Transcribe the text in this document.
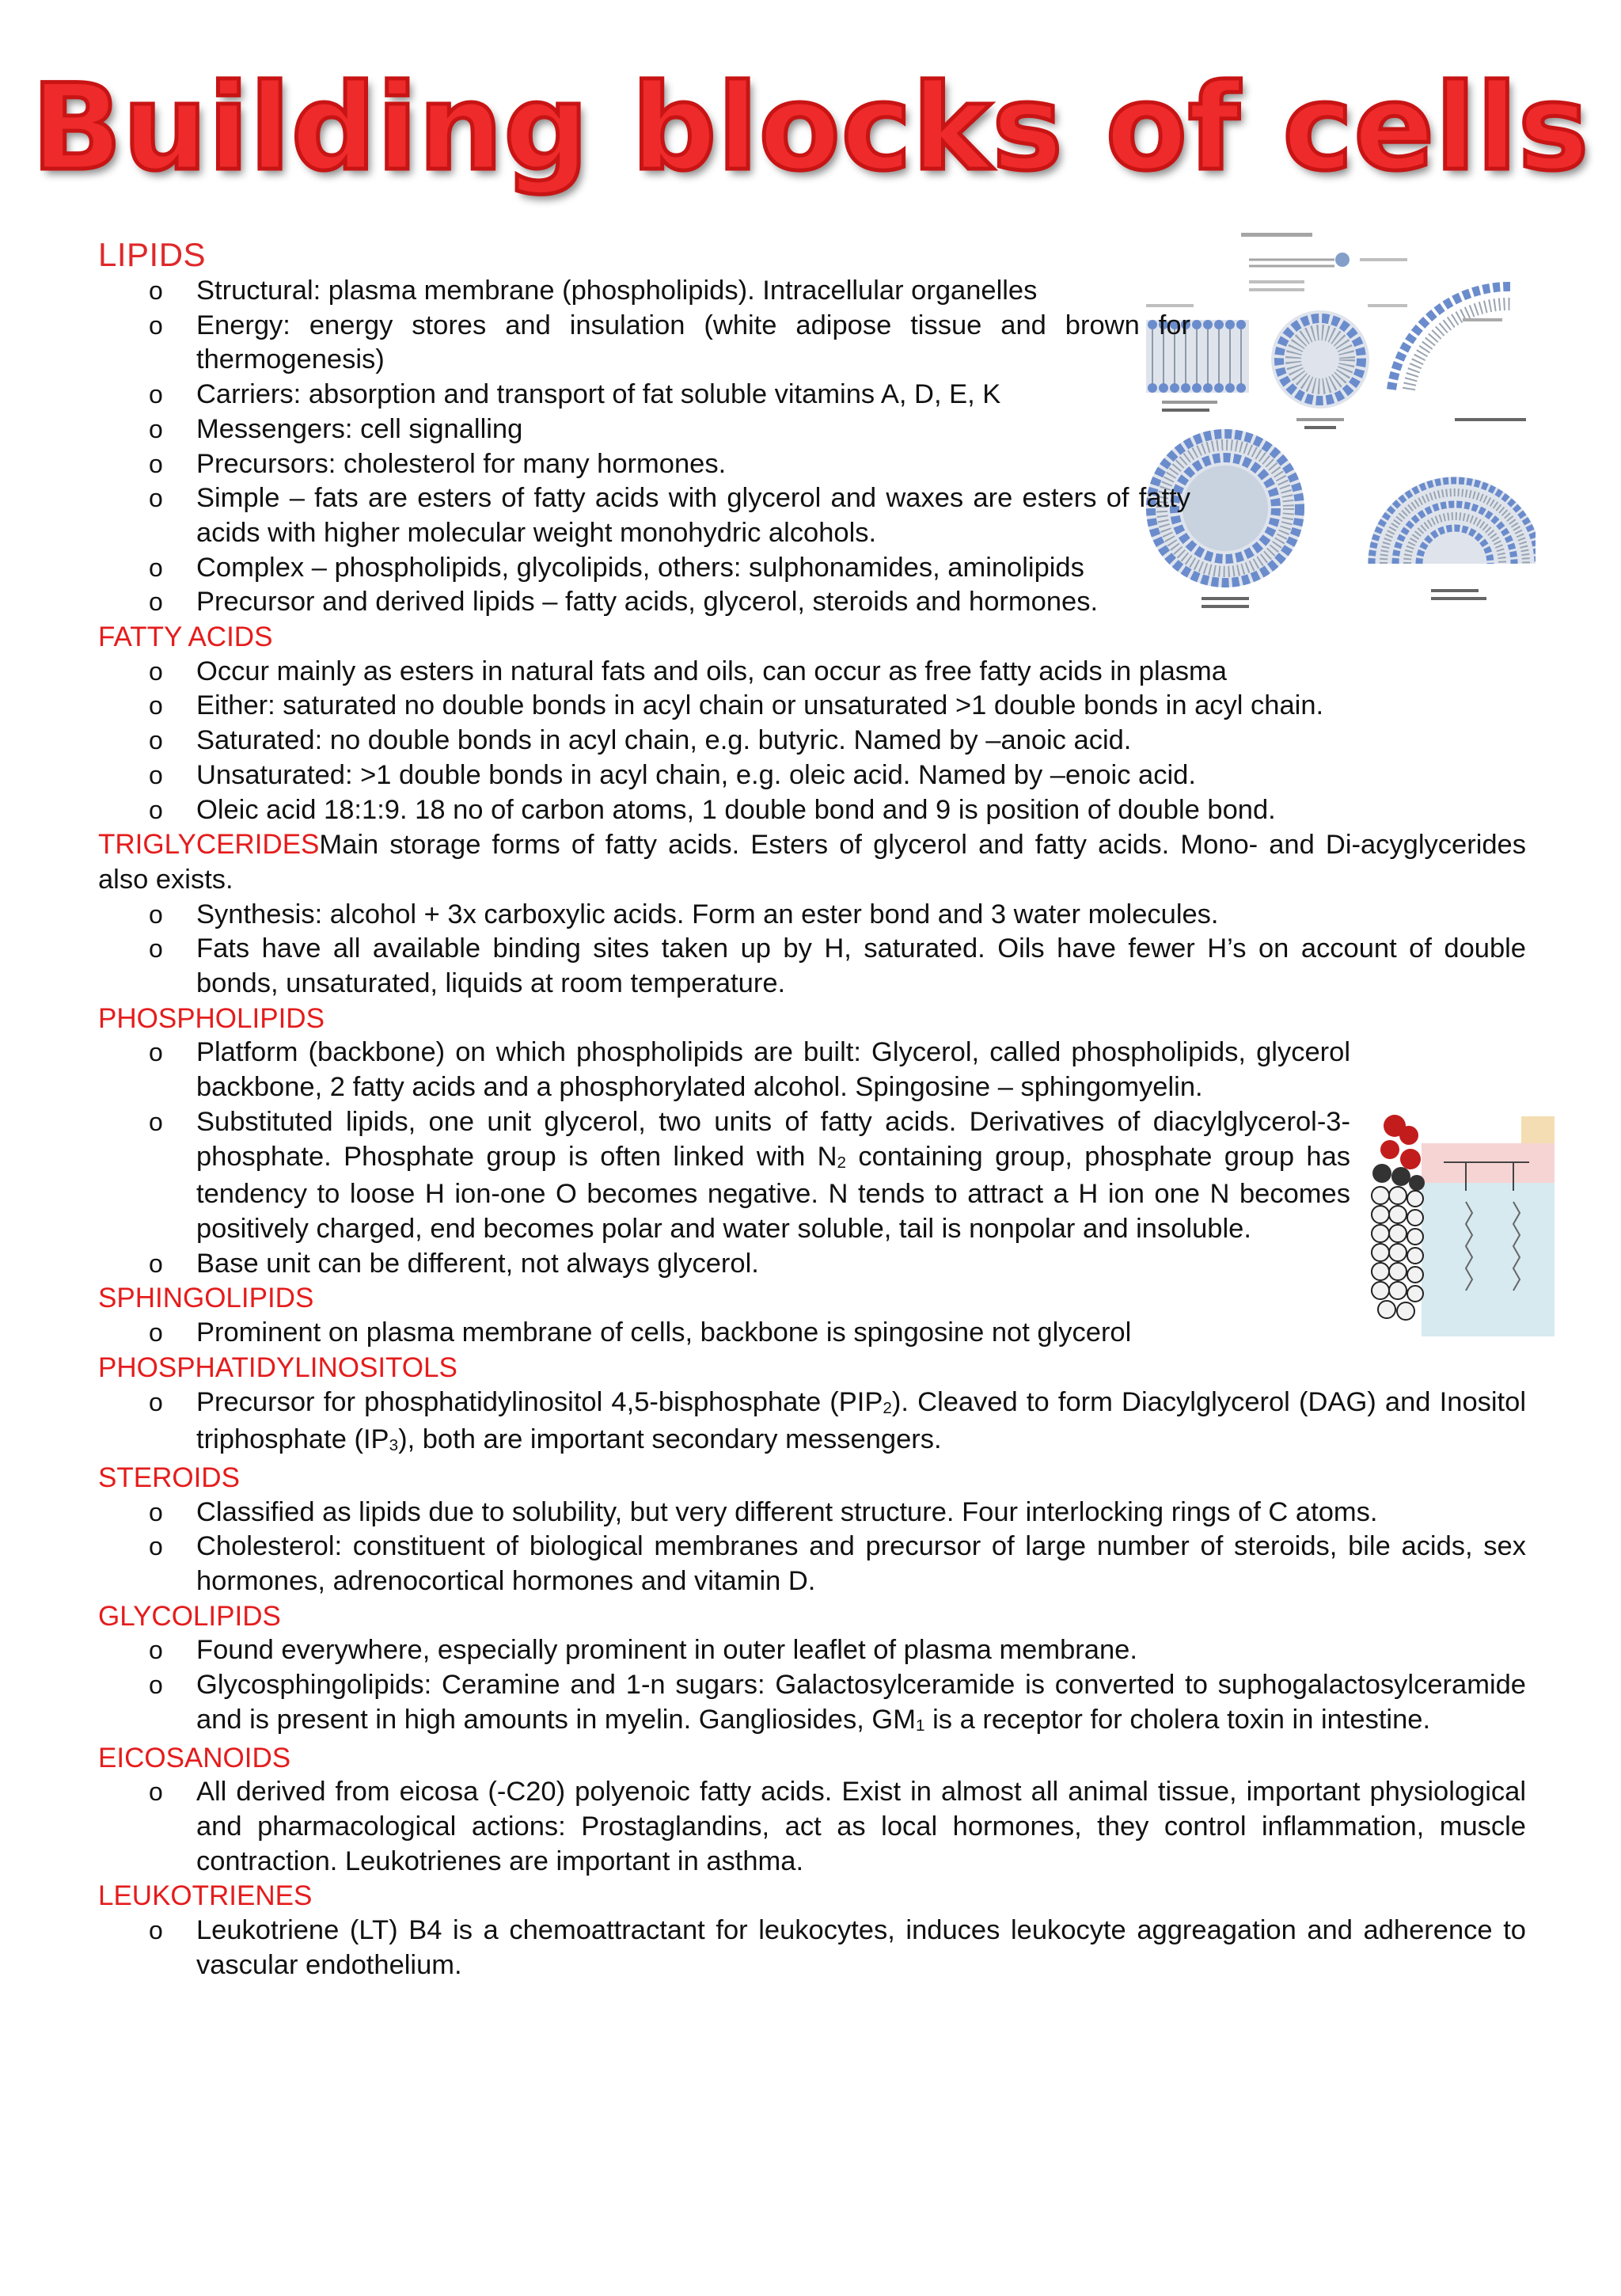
Building blocks of cells
LIPIDS
o Structural: plasma membrane (phospholipids). Intracellular organelles
o Energy: energy stores and insulation (white adipose tissue and brown for thermogenesis)
o Carriers: absorption and transport of fat soluble vitamins A, D, E, K
o Messengers: cell signalling
o Precursors: cholesterol for many hormones.
o Simple – fats are esters of fatty acids with glycerol and waxes are esters of fatty acids with higher molecular weight monohydric alcohols.
o Complex – phospholipids, glycolipids, others: sulphonamides, aminolipids
o Precursor and derived lipids – fatty acids, glycerol, steroids and hormones.
FATTY ACIDS
o Occur mainly as esters in natural fats and oils, can occur as free fatty acids in plasma
o Either: saturated no double bonds in acyl chain or unsaturated >1 double bonds in acyl chain.
o Saturated: no double bonds in acyl chain, e.g. butyric. Named by –anoic acid.
o Unsaturated: >1 double bonds in acyl chain, e.g. oleic acid. Named by –enoic acid.
o Oleic acid 18:1:9. 18 no of carbon atoms, 1 double bond and 9 is position of double bond.

TRIGLYCERIDESMain storage forms of fatty acids. Esters of glycerol and fatty acids. Mono- and Di-acyglycerides also exists.

o Synthesis: alcohol + 3x carboxylic acids. Form an ester bond and 3 water molecules.
o Fats have all available binding sites taken up by H, saturated. Oils have fewer H’s on account of double bonds, unsaturated, liquids at room temperature.
PHOSPHOLIPIDS
o Platform (backbone) on which phospholipids are built: Glycerol, called phospholipids, glycerol backbone, 2 fatty acids and a phosphorylated alcohol. Spingosine – sphingomyelin.
o Substituted lipids, one unit glycerol, two units of fatty acids. Derivatives of diacylglycerol-3-phosphate. Phosphate group is often linked with $N_2$ containing group, phosphate group has tendency to loose H ion-one O becomes negative. N tends to attract a H ion one N becomes positively charged, end becomes polar and water soluble, tail is nonpolar and insoluble.
o Base unit can be different, not always glycerol.
SPHINGOLIPIDS
o Prominent on plasma membrane of cells, backbone is spingosine not glycerol
PHOSPHATIDYLINOSITOLS
o Precursor for phosphatidylinositol 4,5-bisphosphate $(PIP_2)$. Cleaved to form Diacylglycerol (DAG) and Inositol triphosphate $(IP_3)$, both are important secondary messengers.
STEROIDS
o Classified as lipids due to solubility, but very different structure. Four interlocking rings of C atoms.
o Cholesterol: constituent of biological membranes and precursor of large number of steroids, bile acids, sex hormones, adrenocortical hormones and vitamin D.
GLYCOLIPIDS
o Found everywhere, especially prominent in outer leaflet of plasma membrane.
o Glycosphingolipids: Ceramine and 1-n sugars: Galactosylceramide is converted to suphogalactosylceramide and is present in high amounts in myelin. Gangliosides, $GM_1$ is a receptor for cholera toxin in intestine.
EICOSANOIDS
o All derived from eicosa (-C20) polyenoic fatty acids. Exist in almost all animal tissue, important physiological and pharmacological actions: Prostaglandins, act as local hormones, they control inflammation, muscle contraction. Leukotrienes are important in asthma.
LEUKOTRIENES
o Leukotriene (LT) B4 is a chemoattractant for leukocytes, induces leukocyte aggreagation and adherence to vascular endothelium.
